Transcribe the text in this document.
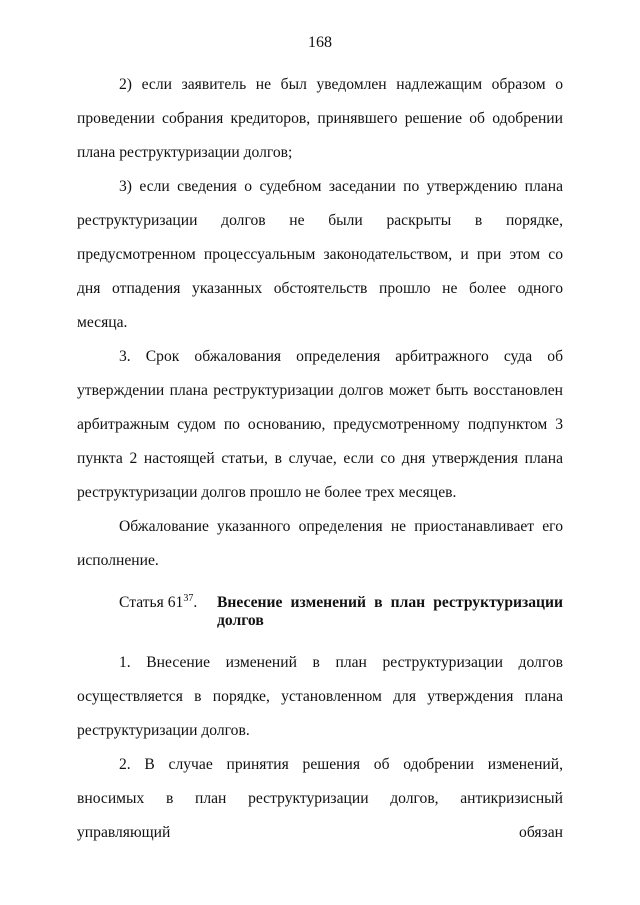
168

2) если заявитель не был уведомлен надлежащим образом о проведении собрания кредиторов, принявшего решение об одобрении плана реструктуризации долгов;

3) если сведения о судебном заседании по утверждению плана реструктуризации долгов не были раскрыты в порядке, предусмотренном процессуальным законодательством, и при этом со дня отпадения указанных обстоятельств прошло не более одного месяца.

3. Срок обжалования определения арбитражного суда об утверждении плана реструктуризации долгов может быть восстановлен арбитражным судом по основанию, предусмотренному подпунктом 3 пункта 2 настоящей статьи, в случае, если со дня утверждения плана реструктуризации долгов прошло не более трех месяцев.

Обжалование указанного определения не приостанавливает его исполнение.

Статья $61^{37}$. Внесение изменений в план реструктуризации долгов

1. Внесение изменений в план реструктуризации долгов осуществляется в порядке, установленном для утверждения плана реструктуризации долгов.

2. В случае принятия решения об одобрении изменений, вносимых в план реструктуризации долгов, антикризисный управляющий обязан
